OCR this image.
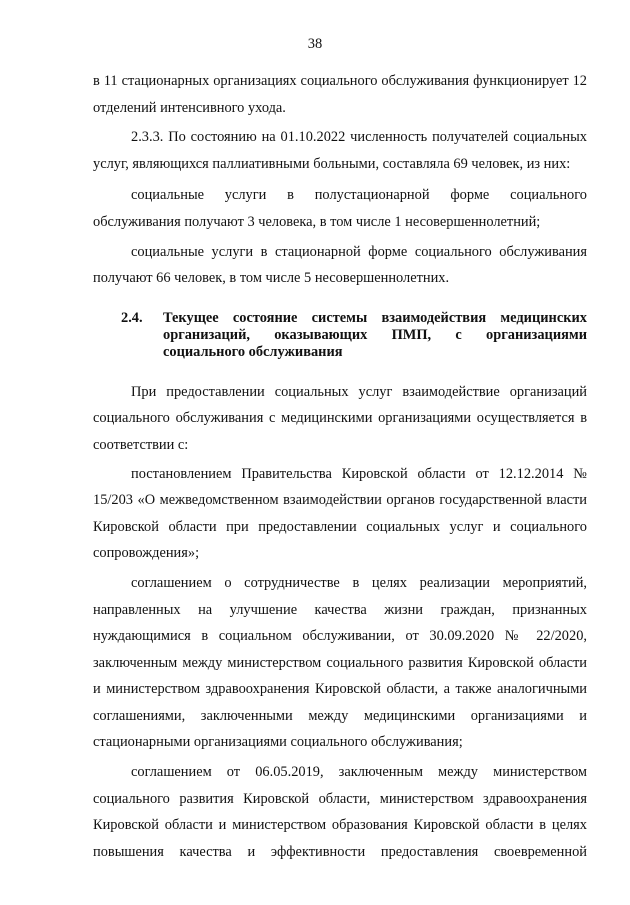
38

в 11 стационарных организациях социального обслуживания функционирует 12 отделений интенсивного ухода.

2.3.3. По состоянию на 01.10.2022 численность получателей социальных услуг, являющихся паллиативными больными, составляла 69 человек, из них:

социальные услуги в полустационарной форме социального обслуживания получают 3 человека, в том числе 1 несовершеннолетний;

социальные услуги в стационарной форме социального обслуживания получают 66 человек, в том числе 5 несовершеннолетних.

2.4.	Текущее состояние системы взаимодействия медицинских организаций, оказывающих ПМП, с организациями социального обслуживания

При предоставлении социальных услуг взаимодействие организаций социального обслуживания с медицинскими организациями осуществляется в соответствии с:

постановлением Правительства Кировской области от 12.12.2014 № 15/203 «О межведомственном взаимодействии органов государственной власти Кировской области при предоставлении социальных услуг и социального сопровождения»;

соглашением о сотрудничестве в целях реализации мероприятий, направленных на улучшение качества жизни граждан, признанных нуждающимися в социальном обслуживании, от 30.09.2020 № 22/2020, заключенным между министерством социального развития Кировской области и министерством здравоохранения Кировской области, а также аналогичными соглашениями, заключенными между медицинскими организациями и стационарными организациями социального обслуживания;

соглашением от 06.05.2019, заключенным между министерством социального развития Кировской области, министерством здравоохранения Кировской области и министерством образования Кировской области в целях повышения качества и эффективности предоставления своевременной
